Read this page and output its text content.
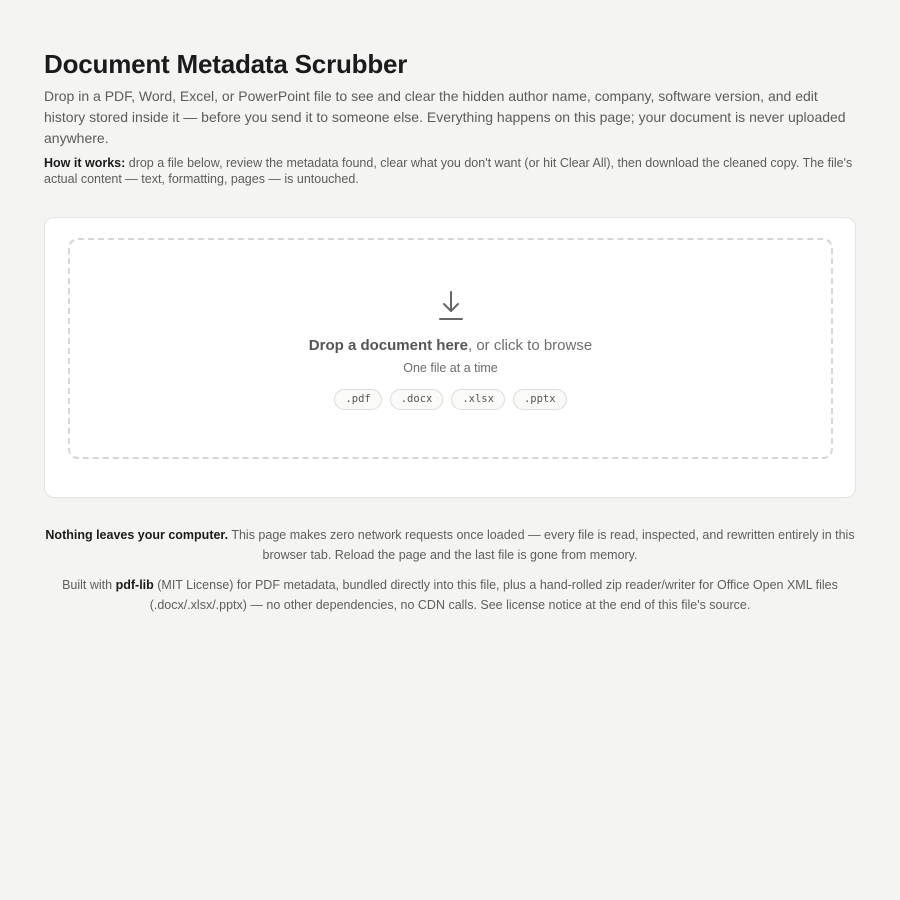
Document Metadata Scrubber

Drop in a PDF, Word, Excel, or PowerPoint file to see and clear the hidden author name, company, software version, and edit history stored inside it — before you send it to someone else. Everything happens on this page; your document is never uploaded anywhere.

How it works: drop a file below, review the metadata found, clear what you don't want (or hit Clear All), then download the cleaned copy. The file's actual content — text, formatting, pages — is untouched.

Drop a document here, or click to browse
One file at a time
.pdf	.docx	.xlsx	.pptx

Nothing leaves your computer. This page makes zero network requests once loaded — every file is read, inspected, and rewritten entirely in this browser tab. Reload the page and the last file is gone from memory.

Built with pdf-lib (MIT License) for PDF metadata, bundled directly into this file, plus a hand-rolled zip reader/writer for Office Open XML files (.docx/.xlsx/.pptx) — no other dependencies, no CDN calls. See license notice at the end of this file's source.
